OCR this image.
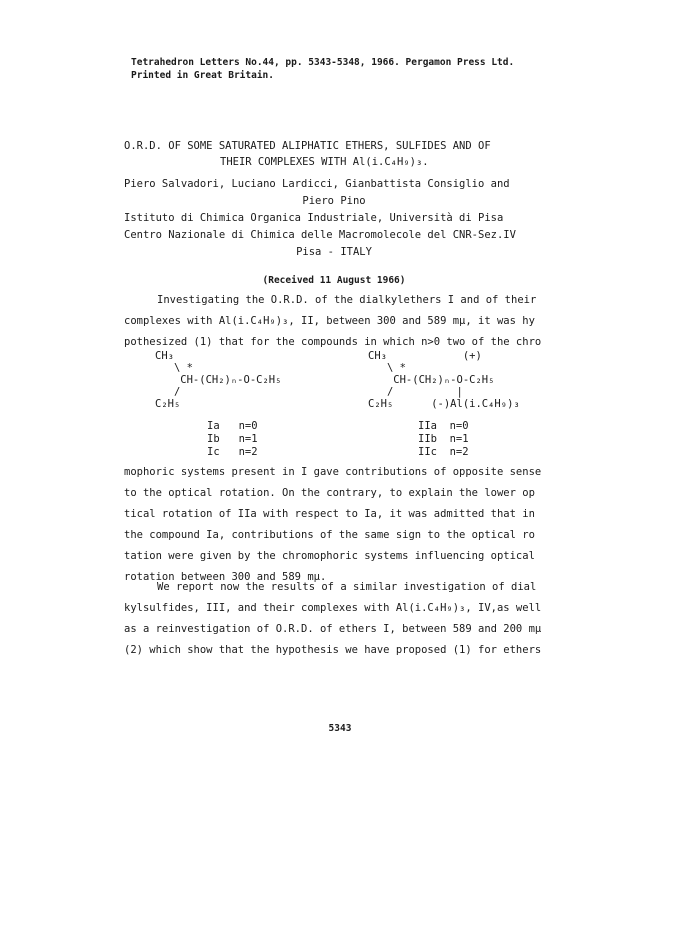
Tetrahedron Letters No.44, pp. 5343-5348, 1966. Pergamon Press Ltd.
Printed in Great Britain.
O.R.D. OF SOME SATURATED ALIPHATIC ETHERS, SULFIDES AND OF
THEIR COMPLEXES WITH Al(i.C₄H₉)₃.
Piero Salvadori, Luciano Lardicci, Gianbattista Consiglio and
Piero Pino
Istituto di Chimica Organica Industriale, Università di Pisa
Centro Nazionale di Chimica delle Macromolecole del CNR-Sez.IV
Pisa - ITALY
(Received 11 August 1966)
Investigating the O.R.D. of the dialkylethers I and of their
complexes with Al(i.C₄H₉)₃, II, between 300 and 589 mμ, it was hy
pothesized (1) that for the compounds in which n>0 two of the chro
CH₃
\ *
CH-(CH₂)ₙ-O-C₂H₅
/
C₂H₅
CH₃            (+)
\ *
CH-(CH₂)ₙ-O-C₂H₅
/          |
C₂H₅      (-)Al(i.C₄H₉)₃
Ia   n=0
Ib   n=1
Ic   n=2
IIa  n=0
IIb  n=1
IIc  n=2
mophoric systems present in I gave contributions of opposite sense
to the optical rotation. On the contrary, to explain the lower op
tical rotation of IIa with respect to Ia, it was admitted that in
the compound Ia, contributions of the same sign to the optical ro
tation were given by the chromophoric systems influencing optical
rotation between 300 and 589 mμ.
We report now the results of a similar investigation of dial
kylsulfides, III, and their complexes with Al(i.C₄H₉)₃, IV,as well
as a reinvestigation of O.R.D. of ethers I, between 589 and 200 mμ
(2) which show that the hypothesis we have proposed (1) for ethers
5343
